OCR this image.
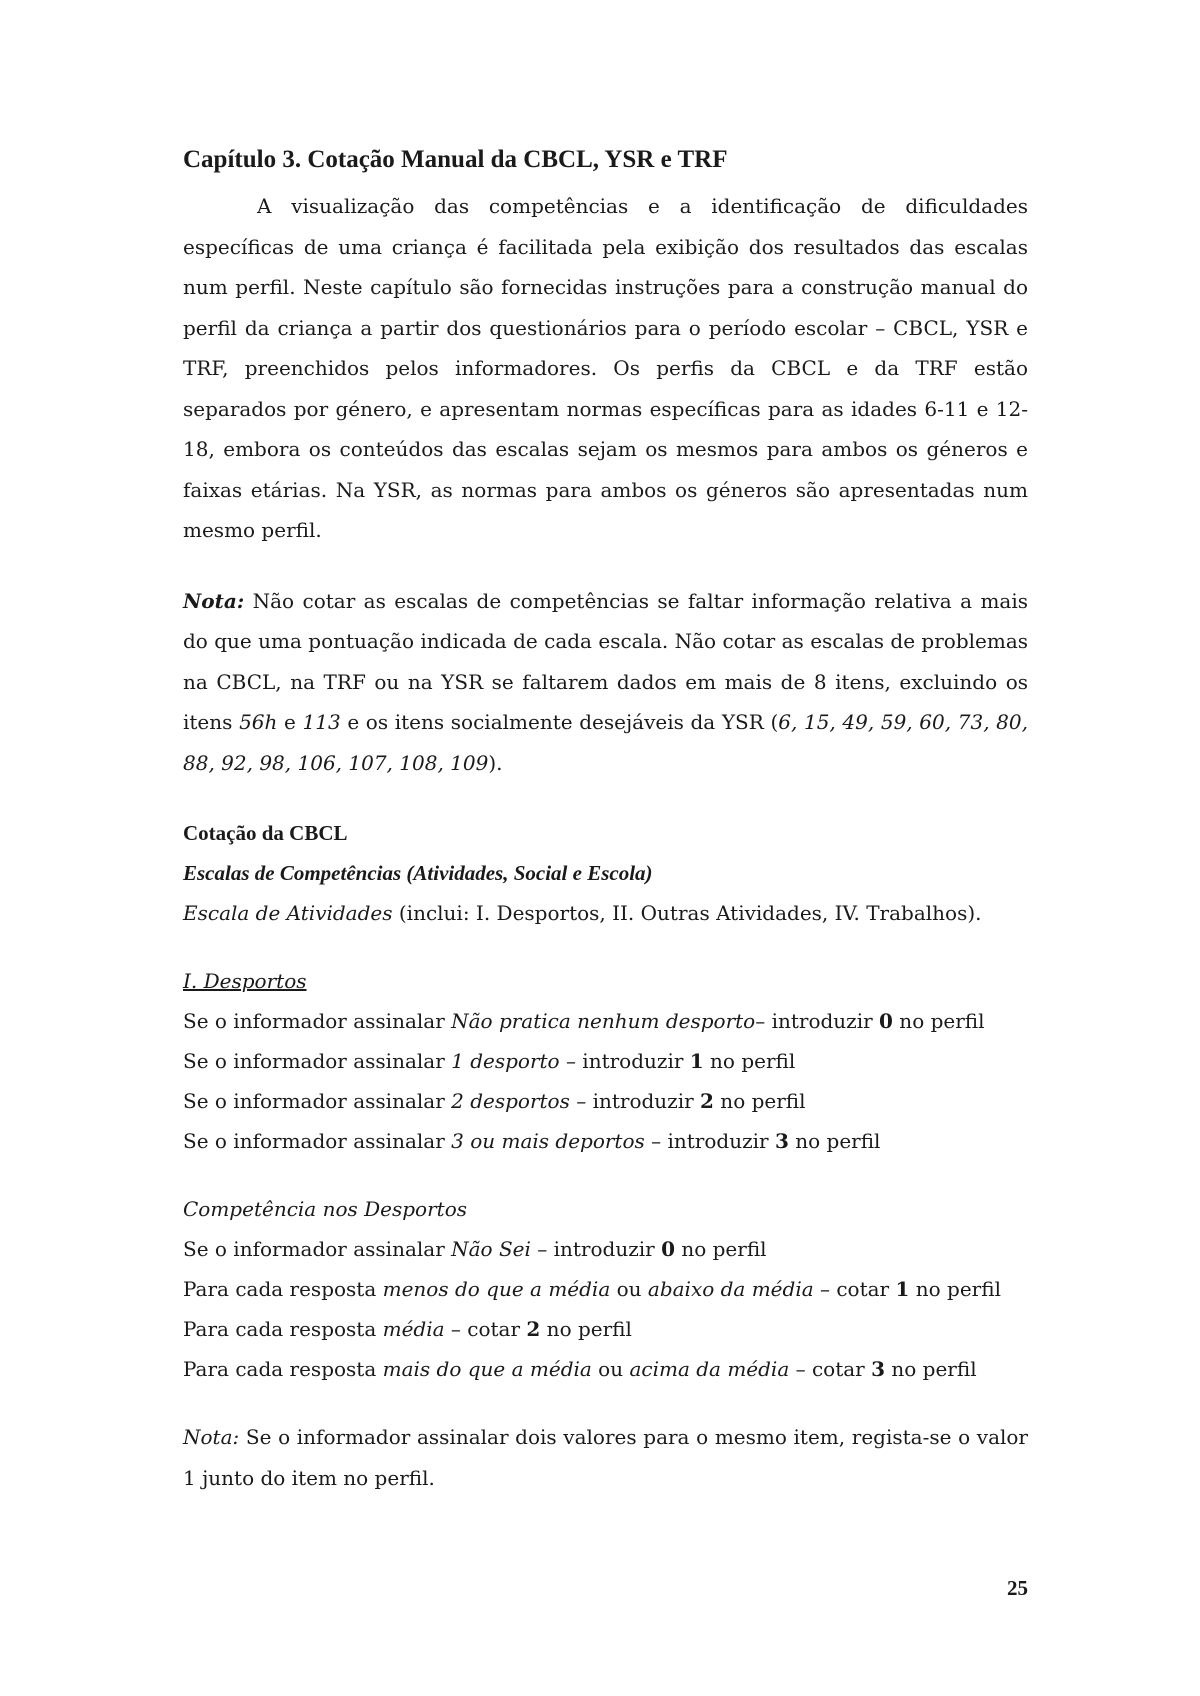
Capítulo 3. Cotação Manual da CBCL, YSR e TRF

A visualização das competências e a identificação de dificuldades específicas de uma criança é facilitada pela exibição dos resultados das escalas num perfil. Neste capítulo são fornecidas instruções para a construção manual do perfil da criança a partir dos questionários para o período escolar – CBCL, YSR e TRF, preenchidos pelos informadores. Os perfis da CBCL e da TRF estão separados por género, e apresentam normas específicas para as idades 6-11 e 12-18, embora os conteúdos das escalas sejam os mesmos para ambos os géneros e faixas etárias. Na YSR, as normas para ambos os géneros são apresentadas num mesmo perfil.

Nota: Não cotar as escalas de competências se faltar informação relativa a mais do que uma pontuação indicada de cada escala. Não cotar as escalas de problemas na CBCL, na TRF ou na YSR se faltarem dados em mais de 8 itens, excluindo os itens 56h e 113 e os itens socialmente desejáveis da YSR (6, 15, 49, 59, 60, 73, 80, 88, 92, 98, 106, 107, 108, 109).

Cotação da CBCL
Escalas de Competências (Atividades, Social e Escola)
Escala de Atividades (inclui: I. Desportos, II. Outras Atividades, IV. Trabalhos).
I. Desportos
Se o informador assinalar Não pratica nenhum desporto– introduzir 0 no perfil
Se o informador assinalar 1 desporto – introduzir 1 no perfil
Se o informador assinalar 2 desportos – introduzir 2 no perfil
Se o informador assinalar 3 ou mais deportos – introduzir 3 no perfil
Competência nos Desportos
Se o informador assinalar Não Sei – introduzir 0 no perfil
Para cada resposta menos do que a média ou abaixo da média – cotar 1 no perfil
Para cada resposta média – cotar 2 no perfil
Para cada resposta mais do que a média ou acima da média – cotar 3 no perfil

Nota: Se o informador assinalar dois valores para o mesmo item, regista-se o valor 1 junto do item no perfil.

25
